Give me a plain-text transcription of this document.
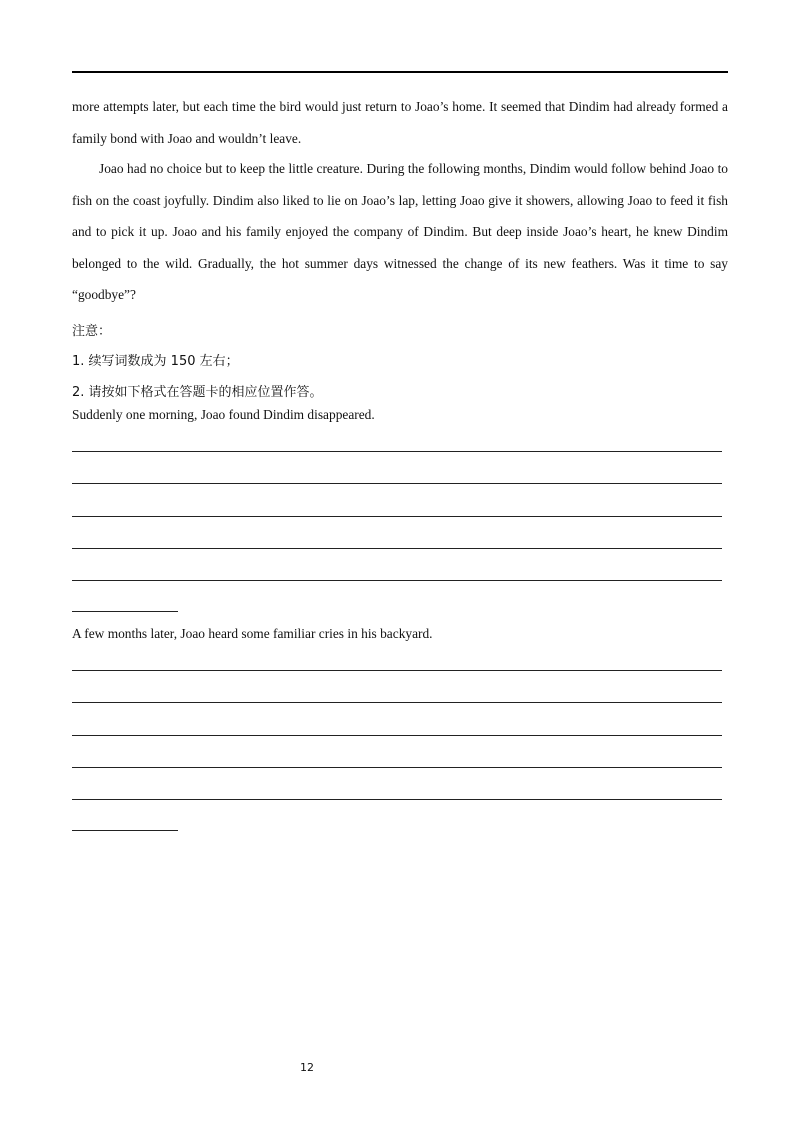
more attempts later, but each time the bird would just return to Joao’s home. It seemed that Dindim had already formed a family bond with Joao and wouldn’t leave.

Joao had no choice but to keep the little creature. During the following months, Dindim would follow behind Joao to fish on the coast joyfully. Dindim also liked to lie on Joao’s lap, letting Joao give it showers, allowing Joao to feed it fish and to pick it up. Joao and his family enjoyed the company of Dindim. But deep inside Joao’s heart, he knew Dindim belonged to the wild. Gradually, the hot summer days witnessed the change of its new feathers. Was it time to say “goodbye”?

注意：

1. 续写词数成为 150 左右；

2. 请按如下格式在答题卡的相应位置作答。

Suddenly one morning, Joao found Dindim disappeared.

A few months later, Joao heard some familiar cries in his backyard.

12
